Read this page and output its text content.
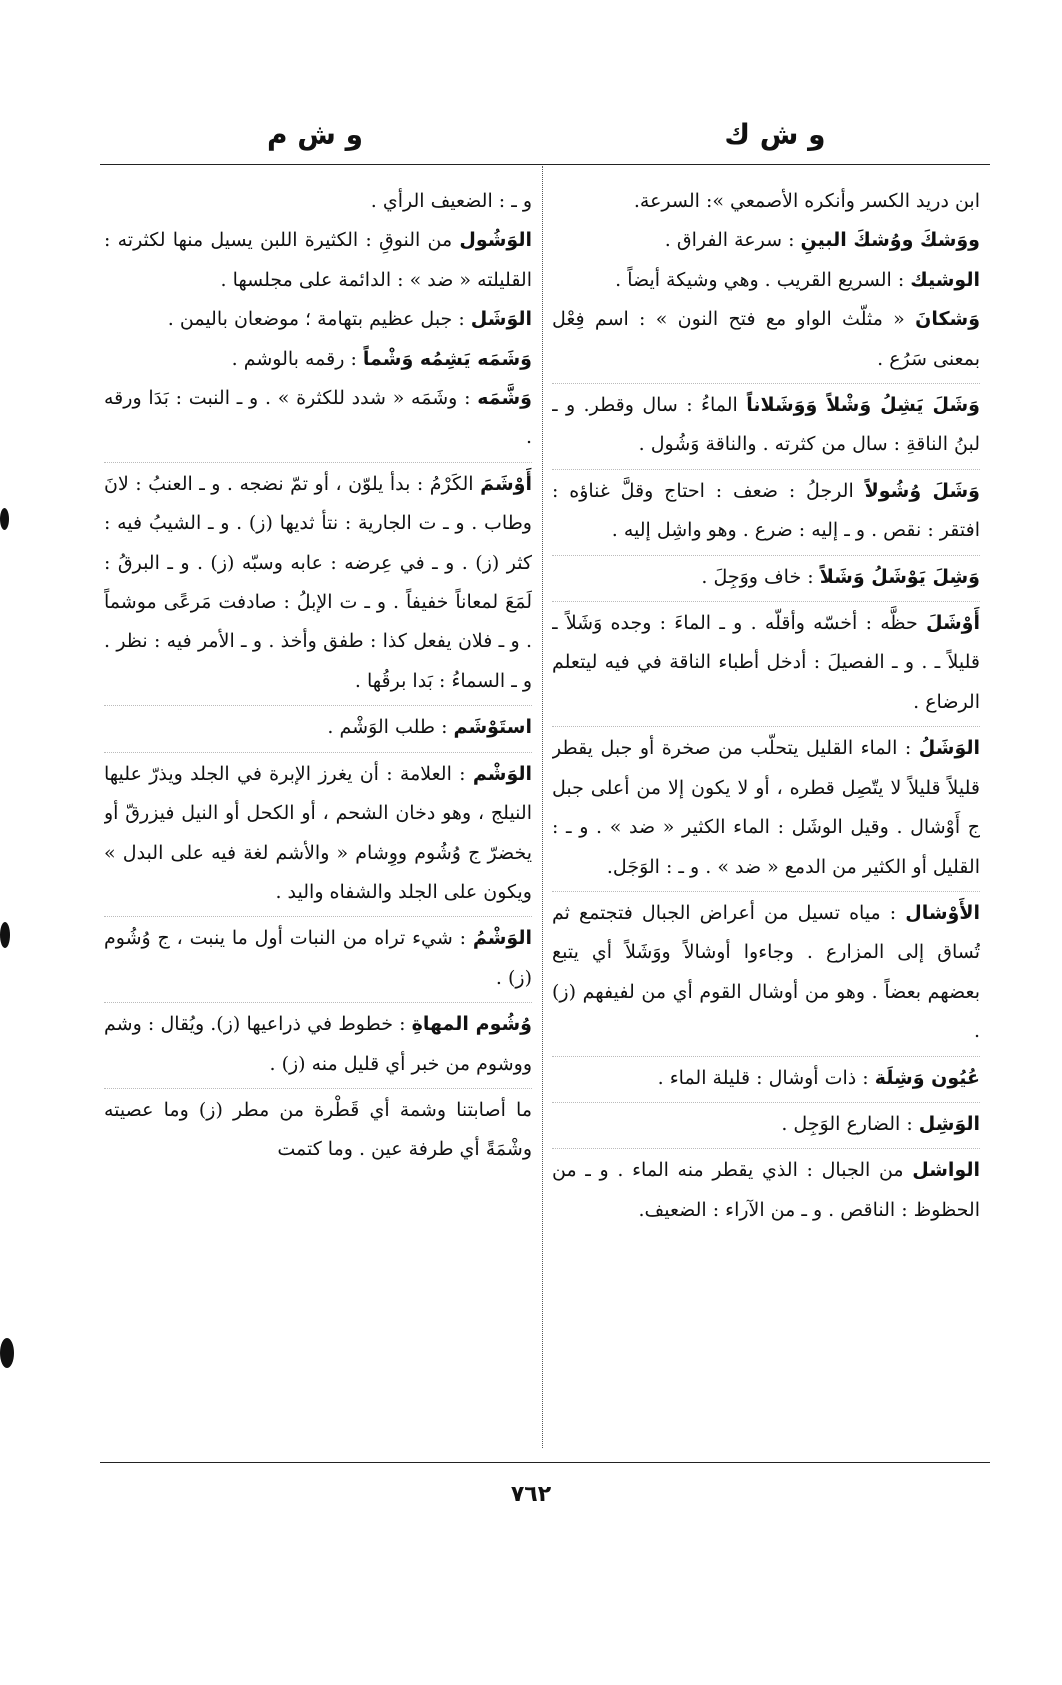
و ش ك
و ش م

ابن دريد الكسر وأنكره الأصمعي »: السرعة.

ووَشكَ ووُشكَ البينِ : سرعة الفراق .

الوشيك : السريع القريب . وهي وشيكة أيضاً .

وَشكانَ « مثلّث الواو مع فتح النون » : اسم فِعْل بمعنى سَرُع .

وَشَلَ يَشِلُ وَشْلاً وَوَشَلاناً الماءُ : سال وقطر. و ـ لبنُ الناقةِ : سال من كثرته . والناقة وَشُول .

وَشَلَ وُشُولاً الرجلُ : ضعف : احتاج وقلَّ غناؤه : افتقر : نقص . و ـ إليه : ضرع . وهو واشِل إليه .

وَشِلَ يَوْشَلُ وَشَلاً : خاف ووَجِلَ .

أَوْشَلَ حظَّه : أخسّه وأقلّه . و ـ الماءَ : وجده وَشَلاً ـ قليلاً ـ . و ـ الفصيلَ : أدخل أطباء الناقة في فيه ليتعلم الرضاع .

الوَشَلُ : الماء القليل يتحلّب من صخرة أو جبل يقطر قليلاً قليلاً لا يتّصِل قطره ، أو لا يكون إلا من أعلى جبل ج أَوْشال . وقيل الوشَل : الماء الكثير « ضد » . و ـ : القليل أو الكثير من الدمع « ضد » . و ـ : الوَجَل.

الأَوْشال : مياه تسيل من أعراض الجبال فتجتمع ثم تُساق إلى المزارع . وجاءوا أوشالاً ووَشَلاً أي يتبع بعضهم بعضاً . وهو من أوشال القوم أي من لفيفهم (ز) .

عُيُون وَشِلَة : ذات أوشال : قليلة الماء .

الوَشِل : الضارع الوَجِل .

الواشل من الجبال : الذي يقطر منه الماء . و ـ من الحظوظ : الناقص . و ـ من الآراء : الضعيف.

و ـ : الضعيف الرأي .

الوَشُول من النوقِ : الكثيرة اللبن يسيل منها لكثرته : القليلته « ضد » : الدائمة على مجلسها .

الوَشَل : جبل عظيم بتهامة ؛ موضعان باليمن .

وَشَمَه يَشِمُه وَشْماً : رقمه بالوشم .

وَشَّمَه : وشَمَه « شدد للكثرة » . و ـ النبت : بَدَا ورقه .

أَوْشَمَ الكَرْمُ : بدأ يلوّن ، أو تمّ نضجه . و ـ العنبُ : لانَ وطاب . و ـ ت الجارية : نتأ ثديها (ز) . و ـ الشيبُ فيه : كثر (ز) . و ـ في عِرضه : عابه وسبّه (ز) . و ـ البرقُ : لَمَعَ لمعاناً خفيفاً . و ـ ت الإبلُ : صادفت مَرعًى موشماً . و ـ فلان يفعل كذا : طفق وأخذ . و ـ الأمر فيه : نظر . و ـ السماءُ : بَدا برقُها .

استَوْشَم : طلب الوَشْم .

الوَشْم : العلامة : أن يغرز الإبرة في الجلد ويذرّ عليها النيلج ، وهو دخان الشحم ، أو الكحل أو النيل فيزرقّ أو يخضرّ ج وُشُوم ووِشام « والأشم لغة فيه على البدل » ويكون على الجلد والشفاه واليد .

الوَشْمُ : شيء تراه من النبات أول ما ينبت ، ج وُشُوم (ز) .

وُشُوم المهاةِ : خطوط في ذراعيها (ز). ويُقال : وشم ووشوم من خبر أي قليل منه (ز) .

ما أصابتنا وشمة أي قَطْرة من مطر (ز) وما عصيته وشْمَةً أي طرفة عين . وما كتمت

٧٦٢
